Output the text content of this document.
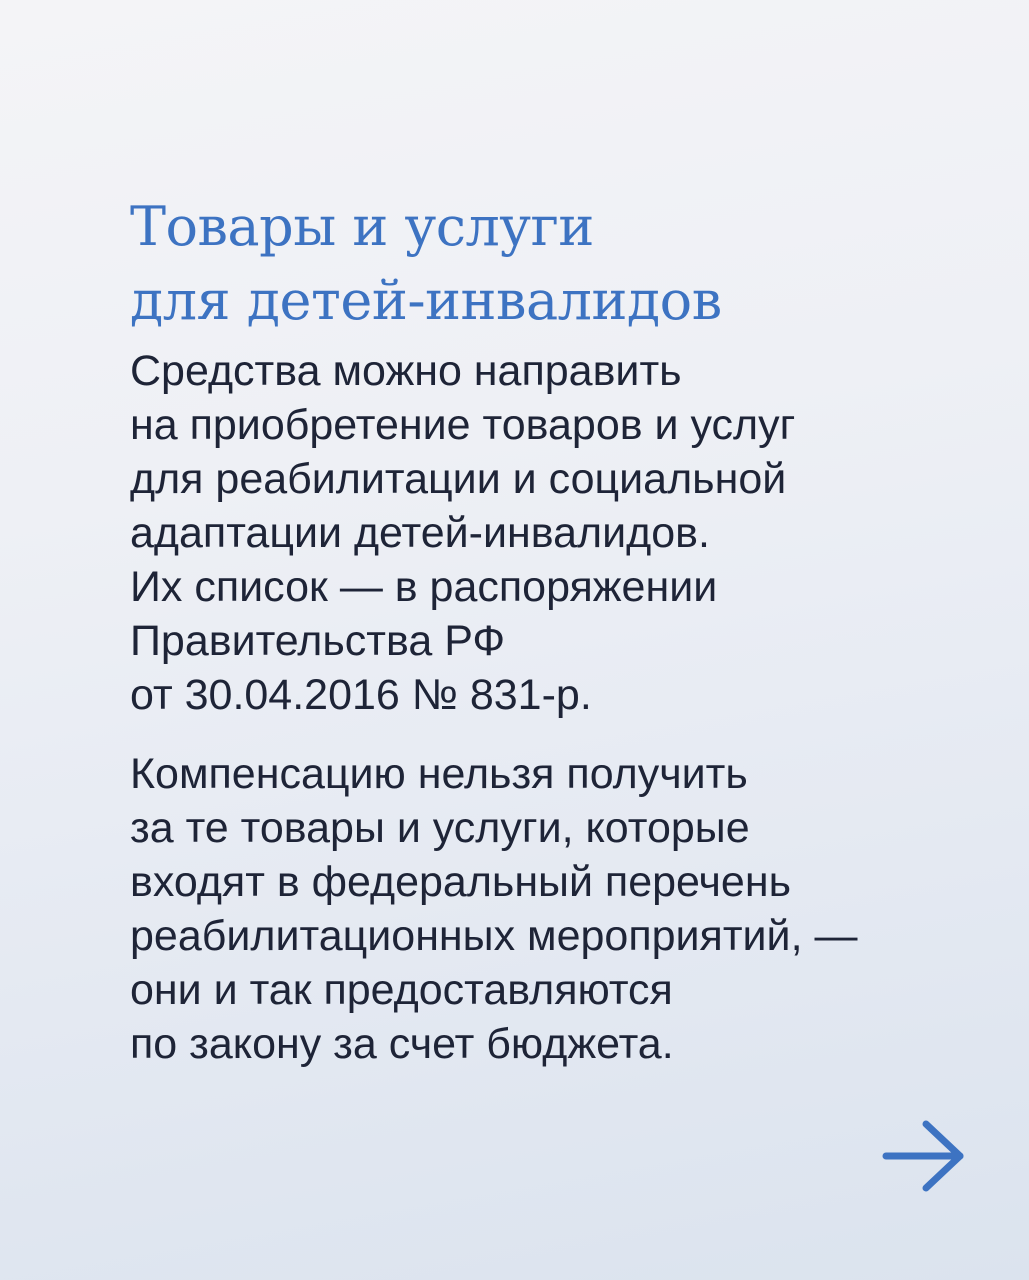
Товары и услуги
для детей-инвалидов

Средства можно направить
на приобретение товаров и услуг
для реабилитации и социальной
адаптации детей-инвалидов.
Их список — в распоряжении
Правительства РФ
от 30.04.2016 № 831-р.

Компенсацию нельзя получить
за те товары и услуги, которые
входят в федеральный перечень
реабилитационных мероприятий, —
они и так предоставляются
по закону за счет бюджета.
